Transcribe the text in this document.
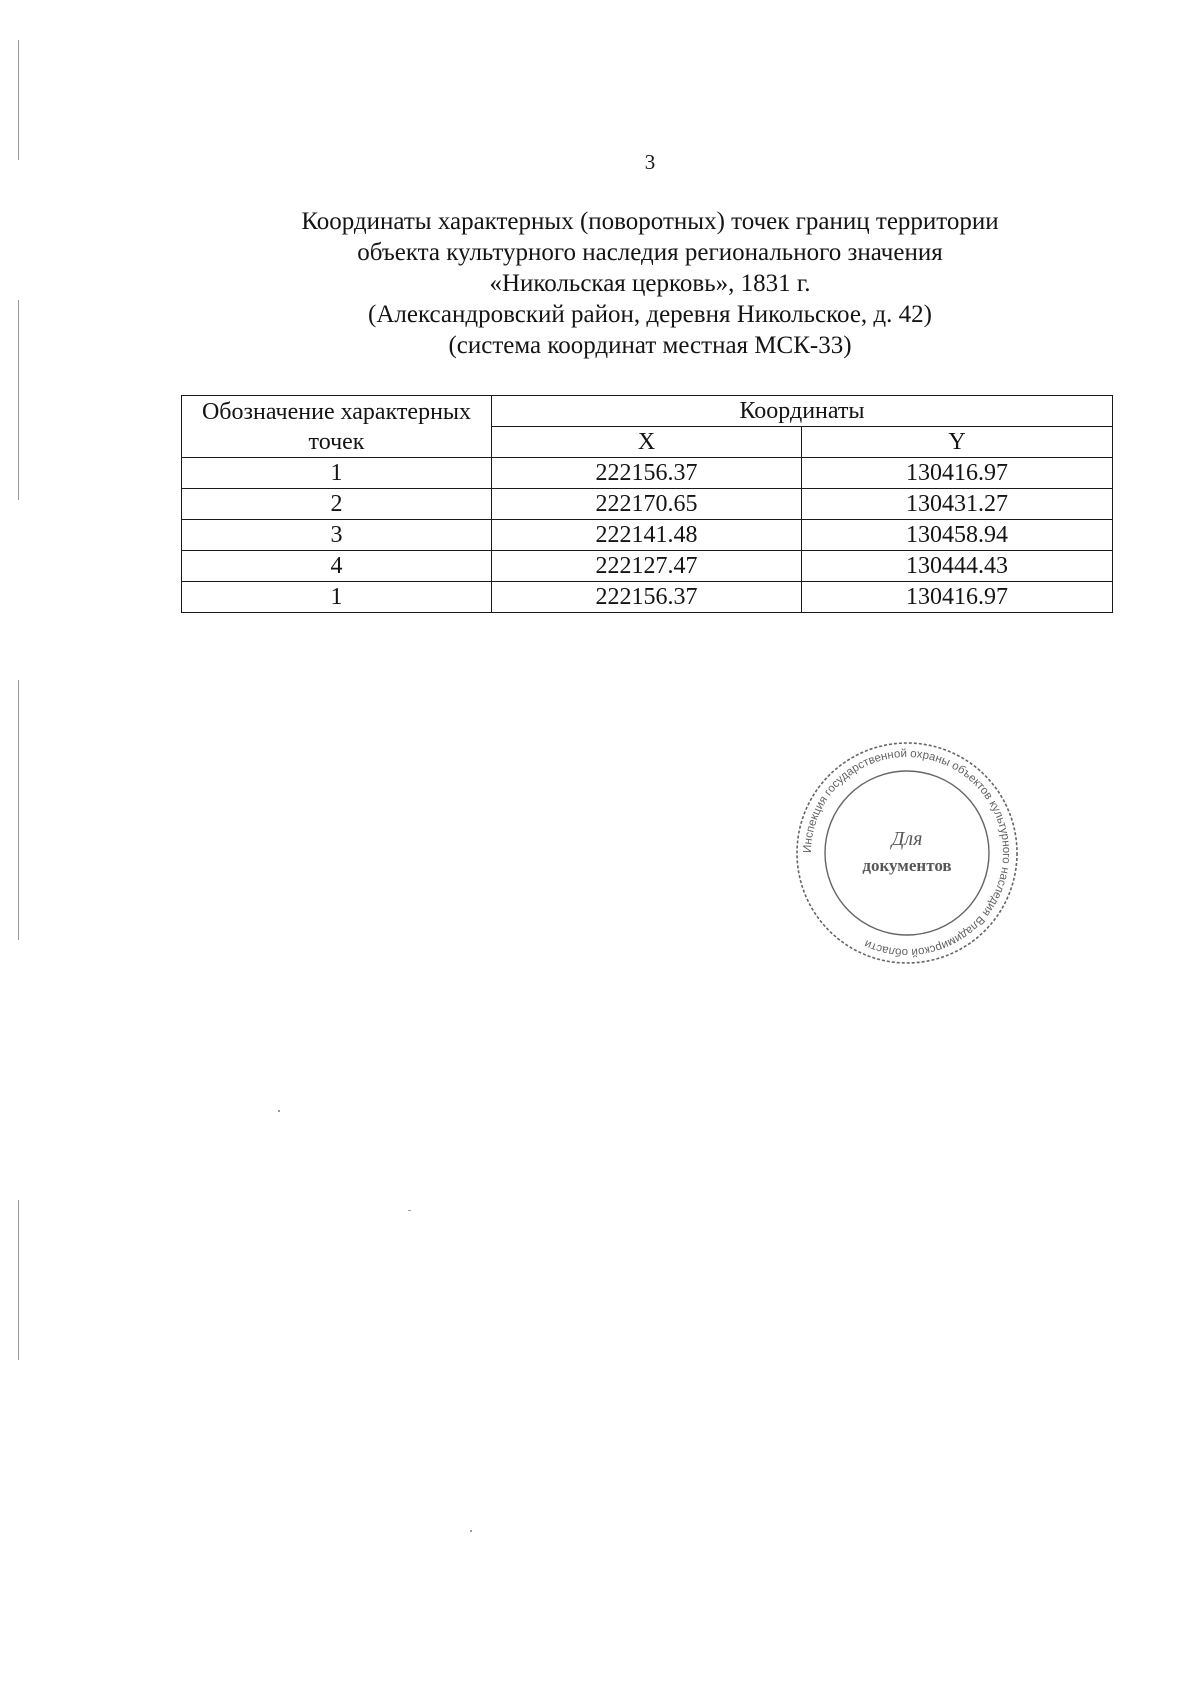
3
Координаты характерных (поворотных) точек границ территории
объекта культурного наследия регионального значения
«Никольская церковь», 1831 г.
(Александровский район, деревня Никольское, д. 42)
(система координат местная МСК-33)
Обозначение характерных точек	Координаты	
	X	Y
1	222156.37	130416.97
2	222170.65	130431.27
3	222141.48	130458.94
4	222127.47	130444.43
1	222156.37	130416.97
Инспекция государственной охраны объектов культурного наследия Владимирской области
Для
документов
